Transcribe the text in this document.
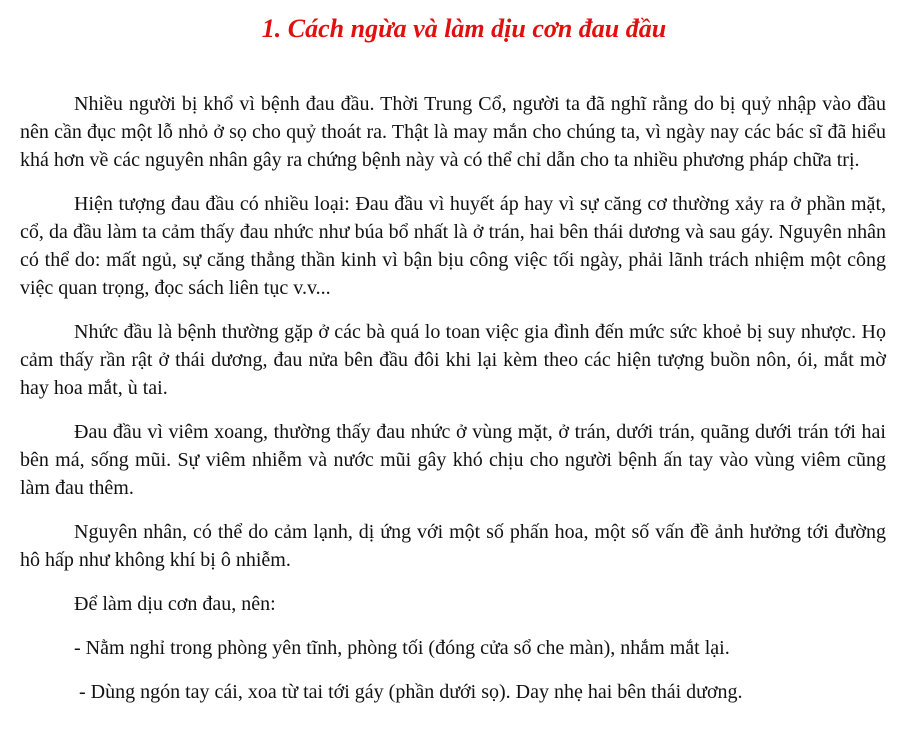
1. Cách ngừa và làm dịu cơn đau đầu

Nhiều người bị khổ vì bệnh đau đầu. Thời Trung Cổ, người ta đã nghĩ rằng do bị quỷ nhập vào đầu nên cần đục một lỗ nhỏ ở sọ cho quỷ thoát ra. Thật là may mắn cho chúng ta, vì ngày nay các bác sĩ đã hiểu khá hơn về các nguyên nhân gây ra chứng bệnh này và có thể chỉ dẫn cho ta nhiều phương pháp chữa trị.

Hiện tượng đau đầu có nhiều loại: Đau đầu vì huyết áp hay vì sự căng cơ thường xảy ra ở phần mặt, cổ, da đầu làm ta cảm thấy đau nhức như búa bổ nhất là ở trán, hai bên thái dương và sau gáy. Nguyên nhân có thể do: mất ngủ, sự căng thẳng thần kinh vì bận bịu công việc tối ngày, phải lãnh trách nhiệm một công việc quan trọng, đọc sách liên tục v.v...

Nhức đầu là bệnh thường gặp ở các bà quá lo toan việc gia đình đến mức sức khoẻ bị suy nhược. Họ cảm thấy rần rật ở thái dương, đau nửa bên đầu đôi khi lại kèm theo các hiện tượng buồn nôn, ói, mắt mờ hay hoa mắt, ù tai.

Đau đầu vì viêm xoang, thường thấy đau nhức ở vùng mặt, ở trán, dưới trán, quãng dưới trán tới hai bên má, sống mũi. Sự viêm nhiễm và nước mũi gây khó chịu cho người bệnh ấn tay vào vùng viêm cũng làm đau thêm.

Nguyên nhân, có thể do cảm lạnh, dị ứng với một số phấn hoa, một số vấn đề ảnh hưởng tới đường hô hấp như không khí bị ô nhiễm.

Để làm dịu cơn đau, nên:

- Nằm nghỉ trong phòng yên tĩnh, phòng tối (đóng cửa sổ che màn), nhắm mắt lại.

- Dùng ngón tay cái, xoa từ tai tới gáy (phần dưới sọ). Day nhẹ hai bên thái dương.
